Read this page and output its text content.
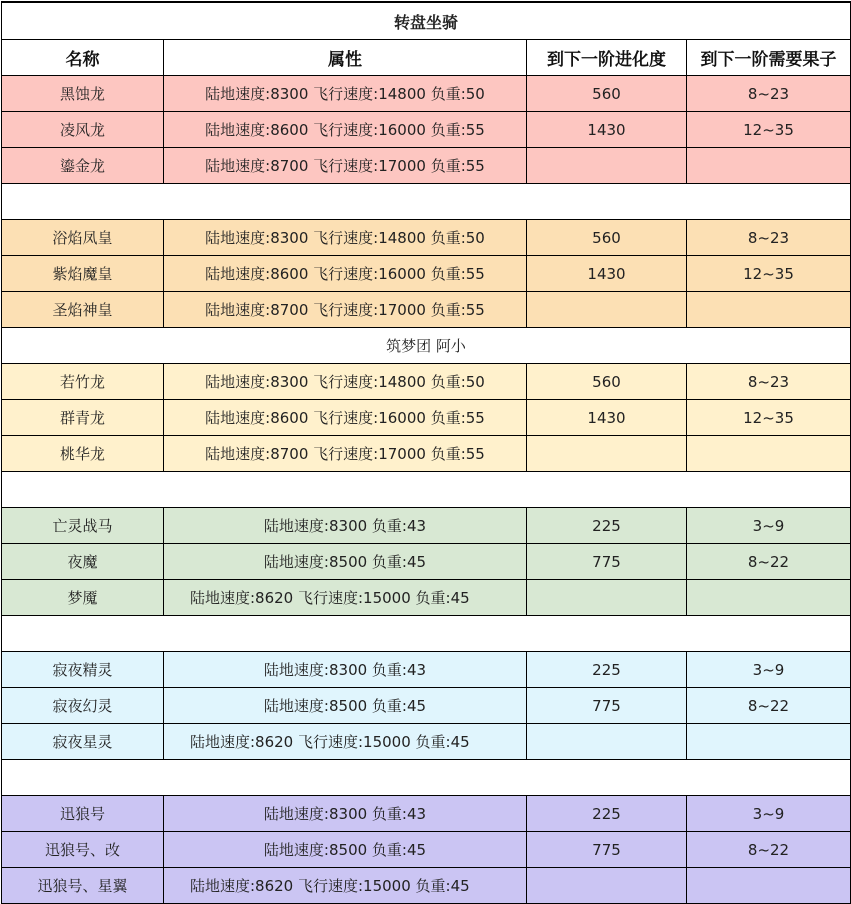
转盘坐骑			
名称	属性	到下一阶进化度	到下一阶需要果子
黑蚀龙	陆地速度:8300 飞行速度:14800 负重:50	560	8~23
凌风龙	陆地速度:8600 飞行速度:16000 负重:55	1430	12~35
鎏金龙	陆地速度:8700 飞行速度:17000 负重:55		

浴焰凤皇	陆地速度:8300 飞行速度:14800 负重:50	560	8~23
紫焰魔皇	陆地速度:8600 飞行速度:16000 负重:55	1430	12~35
圣焰神皇	陆地速度:8700 飞行速度:17000 负重:55		
筑梦团 阿小			
若竹龙	陆地速度:8300 飞行速度:14800 负重:50	560	8~23
群青龙	陆地速度:8600 飞行速度:16000 负重:55	1430	12~35
桃华龙	陆地速度:8700 飞行速度:17000 负重:55		

亡灵战马	陆地速度:8300 负重:43	225	3~9
夜魔	陆地速度:8500 负重:45	775	8~22
梦魇	陆地速度:8620 飞行速度:15000 负重:45		

寂夜精灵	陆地速度:8300 负重:43	225	3~9
寂夜幻灵	陆地速度:8500 负重:45	775	8~22
寂夜星灵	陆地速度:8620 飞行速度:15000 负重:45		

迅狼号	陆地速度:8300 负重:43	225	3~9
迅狼号、改	陆地速度:8500 负重:45	775	8~22
迅狼号、星翼	陆地速度:8620 飞行速度:15000 负重:45		
